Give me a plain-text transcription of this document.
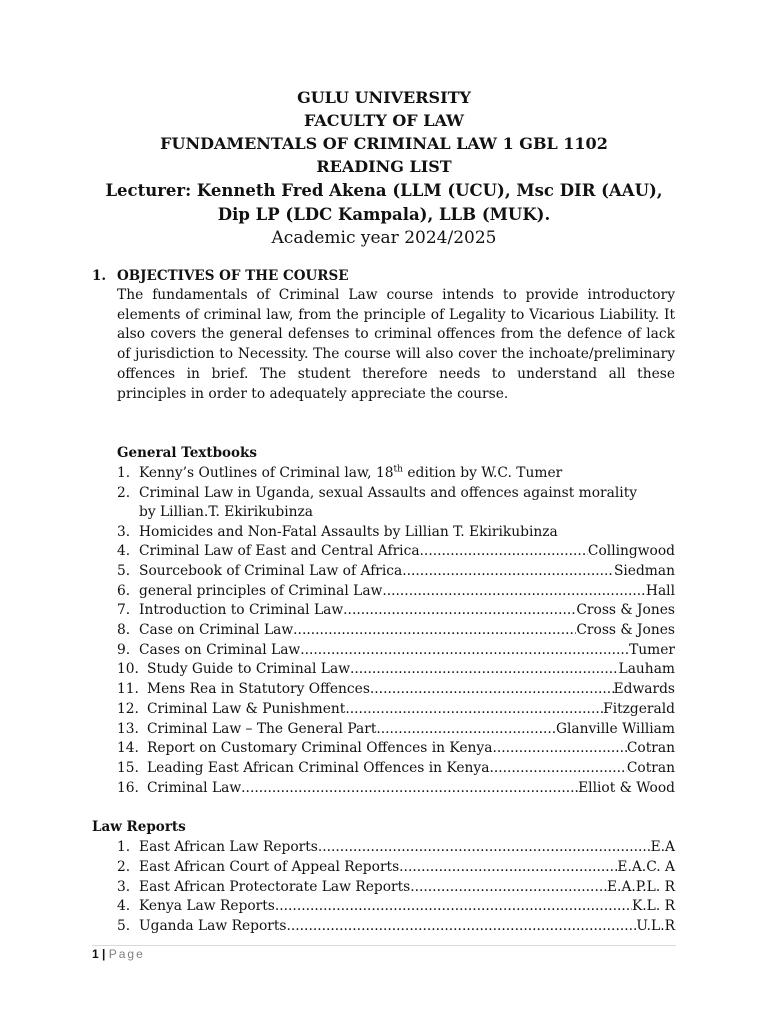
GULU UNIVERSITY
FACULTY OF LAW
FUNDAMENTALS OF CRIMINAL LAW 1 GBL 1102
READING LIST
Lecturer: Kenneth Fred Akena (LLM (UCU), Msc DIR (AAU),
Dip LP (LDC Kampala), LLB (MUK).
Academic year 2024/2025
1. OBJECTIVES OF THE COURSE

The fundamentals of Criminal Law course intends to provide introductory elements of criminal law, from the principle of Legality to Vicarious Liability. It also covers the general defenses to criminal offences from the defence of lack of jurisdiction to Necessity. The course will also cover the inchoate/preliminary offences in brief. The student therefore needs to understand all these principles in order to adequately appreciate the course.

General Textbooks
1. Kenny’s Outlines of Criminal law, 18th edition by W.C. Tumer
2. Criminal Law in Uganda, sexual Assaults and offences against morality
by Lillian.T. Ekirikubinza
3. Homicides and Non-Fatal Assaults by Lillian T. Ekirikubinza
4. Criminal Law of East and Central Africa .....	Collingwood
5. Sourcebook of Criminal Law of Africa .....	Siedman
6. general principles of Criminal Law .....	Hall
7. Introduction to Criminal Law .....	Cross & Jones
8. Case on Criminal Law .....	Cross & Jones
9. Cases on Criminal Law .....	Tumer
10. Study Guide to Criminal Law .....	Lauham
11. Mens Rea in Statutory Offences .....	Edwards
12. Criminal Law & Punishment .....	Fitzgerald
13. Criminal Law – The General Part .....	Glanville William
14. Report on Customary Criminal Offences in Kenya .....	Cotran
15. Leading East African Criminal Offences in Kenya .....	Cotran
16. Criminal Law .....	Elliot & Wood
Law Reports
1. East African Law Reports .....	E.A
2. East African Court of Appeal Reports .....	E.A.C. A
3. East African Protectorate Law Reports .....	E.A.P.L. R
4. Kenya Law Reports .....	K.L. R
5. Uganda Law Reports .....	U.L.R
1 | Page
